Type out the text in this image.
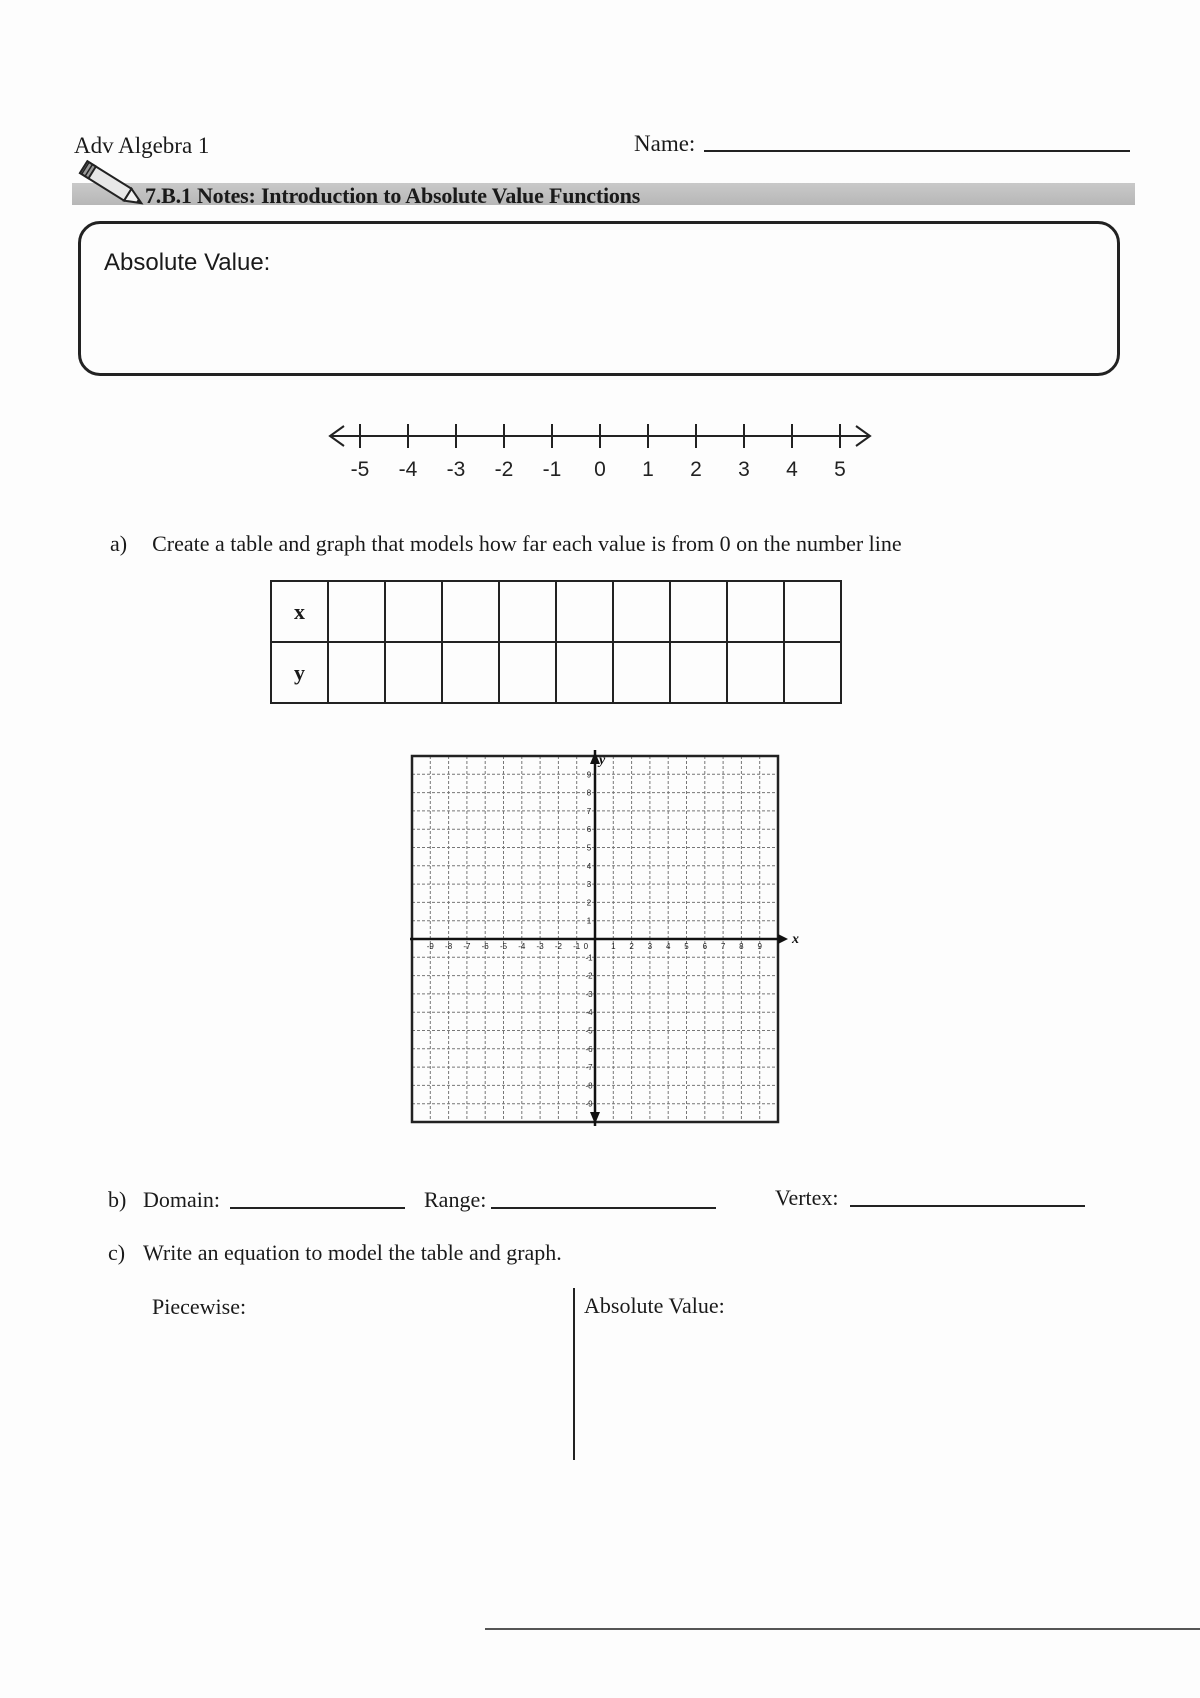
Adv Algebra 1	Name:
7.B.1 Notes: Introduction to Absolute Value Functions
Absolute Value:
-5 -4 -3 -2 -1 0 1 2 3 4 5
a) Create a table and graph that models how far each value is from 0 on the number line
x									
y									
-9 -8 -7 -6 -5 -4 -3 -2 -1 0	1 2 3 4 5 6 7 8 9
9
8
7
6
5
4
3
2
1
-1
-2
-3
-4
-5
-6
-7
-8
-9
x
y
b) Domain:	Range:	Vertex:
c) Write an equation to model the table and graph.
Piecewise:	Absolute Value:
